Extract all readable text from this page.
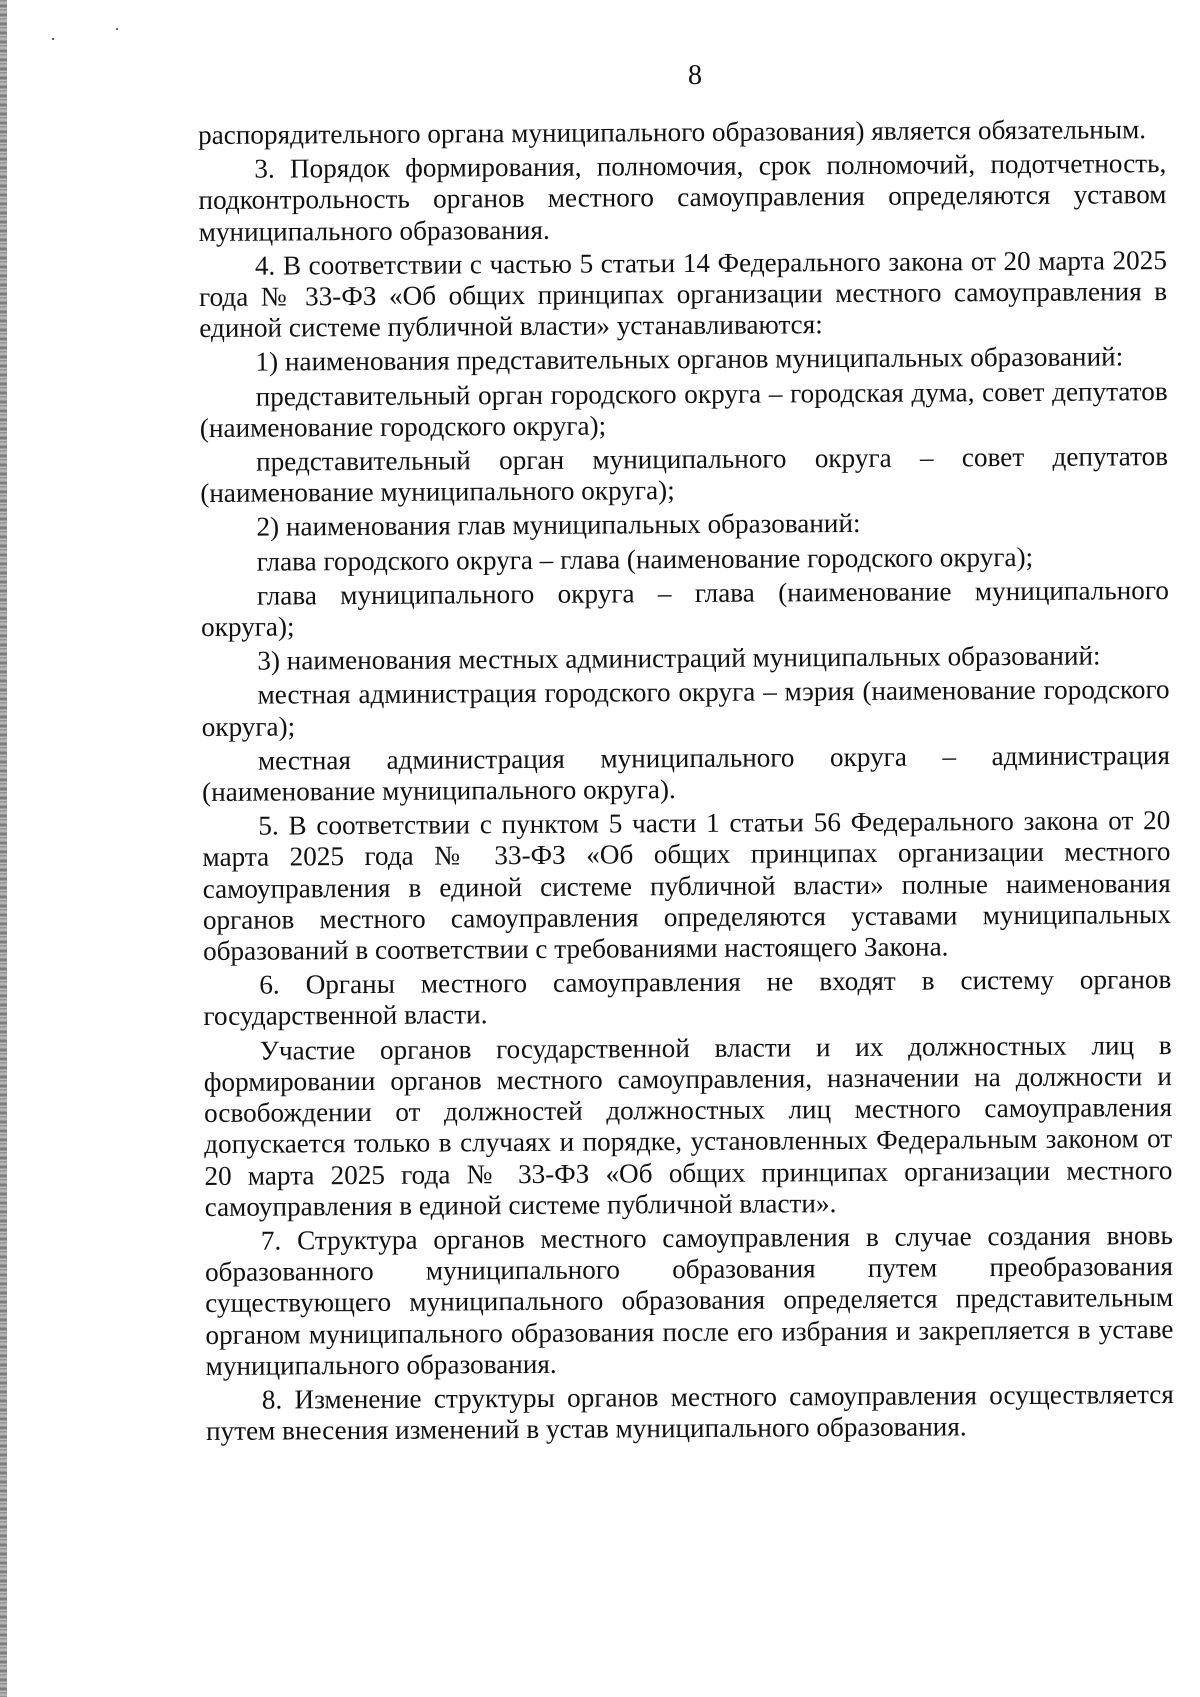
8

распорядительного органа муниципального образования) является обязательным.

3. Порядок формирования, полномочия, срок полномочий, подотчетность, подконтрольность органов местного самоуправления определяются уставом муниципального образования.

4. В соответствии с частью 5 статьи 14 Федерального закона от 20 марта 2025 года № 33-ФЗ «Об общих принципах организации местного самоуправления в единой системе публичной власти» устанавливаются:

1) наименования представительных органов муниципальных образований:

представительный орган городского округа – городская дума, совет депутатов (наименование городского округа);

представительный орган муниципального округа – совет депутатов (наименование муниципального округа);

2) наименования глав муниципальных образований:

глава городского округа – глава (наименование городского округа);

глава муниципального округа – глава (наименование муниципального округа);

3) наименования местных администраций муниципальных образований:

местная администрация городского округа – мэрия (наименование городского округа);

местная администрация муниципального округа – администрация (наименование муниципального округа).

5. В соответствии с пунктом 5 части 1 статьи 56 Федерального закона от 20 марта 2025 года № 33-ФЗ «Об общих принципах организации местного самоуправления в единой системе публичной власти» полные наименования органов местного самоуправления определяются уставами муниципальных образований в соответствии с требованиями настоящего Закона.

6. Органы местного самоуправления не входят в систему органов государственной власти.

Участие органов государственной власти и их должностных лиц в формировании органов местного самоуправления, назначении на должности и освобождении от должностей должностных лиц местного самоуправления допускается только в случаях и порядке, установленных Федеральным законом от 20 марта 2025 года № 33-ФЗ «Об общих принципах организации местного самоуправления в единой системе публичной власти».

7. Структура органов местного самоуправления в случае создания вновь образованного муниципального образования путем преобразования существующего муниципального образования определяется представительным органом муниципального образования после его избрания и закрепляется в уставе муниципального образования.

8. Изменение структуры органов местного самоуправления осуществляется путем внесения изменений в устав муниципального образования.
